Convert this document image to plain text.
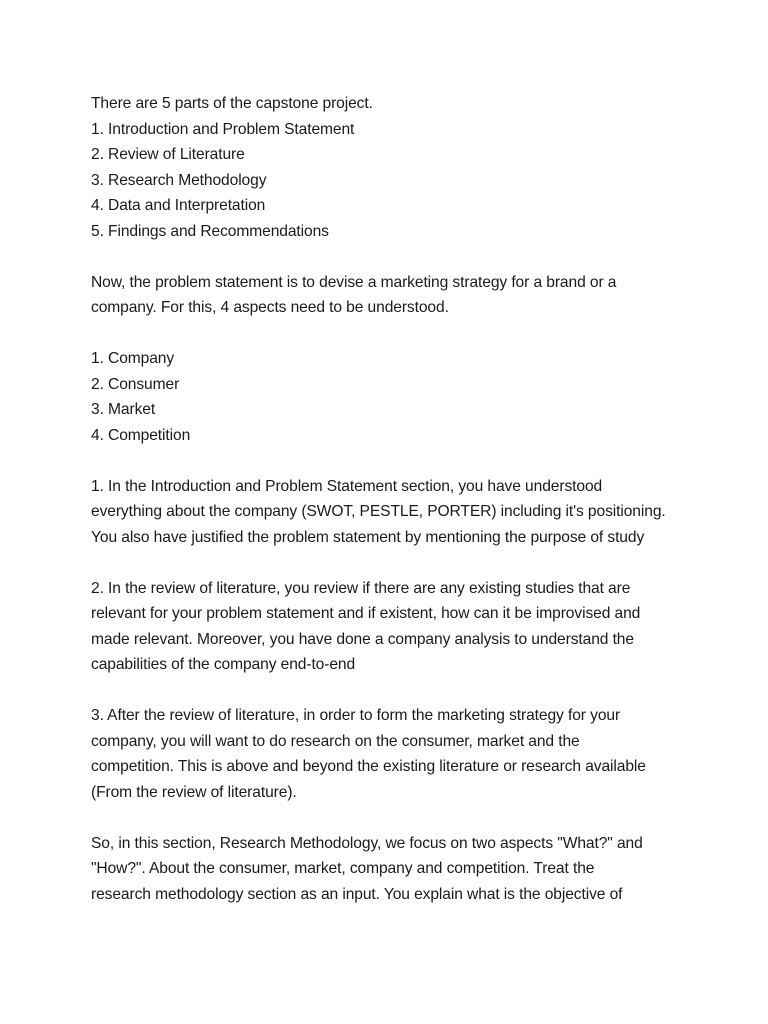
There are 5 parts of the capstone project.

1. Introduction and Problem Statement

2. Review of Literature

3. Research Methodology

4. Data and Interpretation

5. Findings and Recommendations

Now, the problem statement is to devise a marketing strategy for a brand or a

company. For this, 4 aspects need to be understood.

1. Company

2. Consumer

3. Market

4. Competition

1. In the Introduction and Problem Statement section, you have understood

everything about the company (SWOT, PESTLE, PORTER) including it's positioning.

You also have justified the problem statement by mentioning the purpose of study

2. In the review of literature, you review if there are any existing studies that are

relevant for your problem statement and if existent, how can it be improvised and

made relevant. Moreover, you have done a company analysis to understand the

capabilities of the company end-to-end

3. After the review of literature, in order to form the marketing strategy for your

company, you will want to do research on the consumer, market and the

competition. This is above and beyond the existing literature or research available

(From the review of literature).

So, in this section, Research Methodology, we focus on two aspects "What?" and

"How?". About the consumer, market, company and competition. Treat the

research methodology section as an input. You explain what is the objective of
